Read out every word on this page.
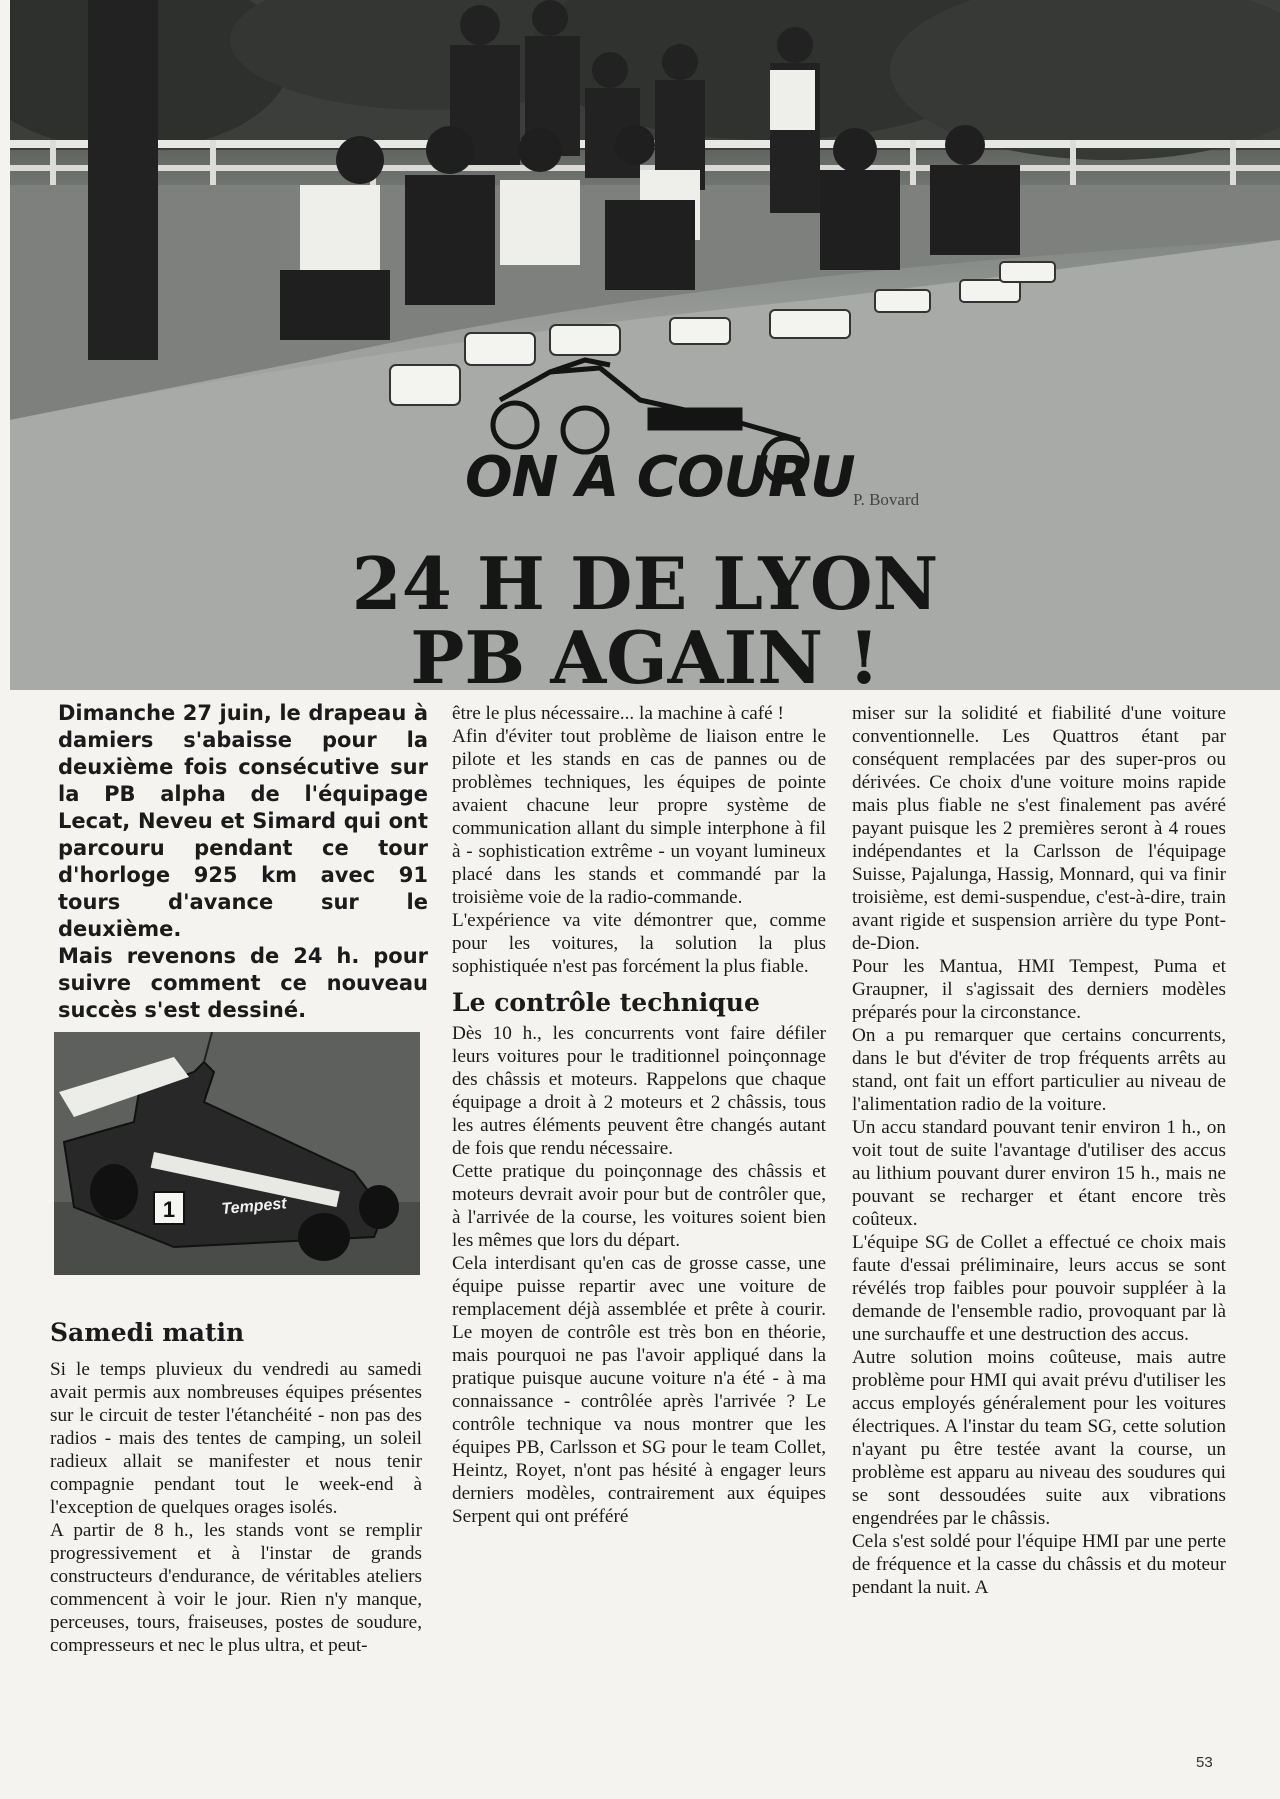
ON A COURU
P. Bovard
24 H DE LYON
PB AGAIN !

Dimanche 27 juin, le drapeau à damiers s'abaisse pour la deuxième fois consécutive sur la PB alpha de l'équipage Lecat, Neveu et Simard qui ont parcouru pendant ce tour d'horloge 925 km avec 91 tours d'avance sur le deuxième.

Mais revenons de 24 h. pour suivre comment ce nouveau succès s'est dessiné.

1	Tempest
Samedi matin

Si le temps pluvieux du vendredi au samedi avait permis aux nombreuses équipes présentes sur le circuit de tester l'étanchéité - non pas des radios - mais des tentes de camping, un soleil radieux allait se manifester et nous tenir compagnie pendant tout le week-end à l'exception de quelques orages isolés.

A partir de 8 h., les stands vont se remplir progressivement et à l'instar de grands constructeurs d'endurance, de véritables ateliers commencent à voir le jour. Rien n'y manque, perceuses, tours, fraiseuses, postes de soudure, compresseurs et nec le plus ultra, et peut-

être le plus nécessaire... la machine à café !

Afin d'éviter tout problème de liaison entre le pilote et les stands en cas de pannes ou de problèmes techniques, les équipes de pointe avaient chacune leur propre système de communication allant du simple interphone à fil à - sophistication extrême - un voyant lumineux placé dans les stands et commandé par la troisième voie de la radio-commande.

L'expérience va vite démontrer que, comme pour les voitures, la solution la plus sophistiquée n'est pas forcément la plus fiable.

Le contrôle technique

Dès 10 h., les concurrents vont faire défiler leurs voitures pour le traditionnel poinçonnage des châssis et moteurs. Rappelons que chaque équipage a droit à 2 moteurs et 2 châssis, tous les autres éléments peuvent être changés autant de fois que rendu nécessaire.

Cette pratique du poinçonnage des châssis et moteurs devrait avoir pour but de contrôler que, à l'arrivée de la course, les voitures soient bien les mêmes que lors du départ.

Cela interdisant qu'en cas de grosse casse, une équipe puisse repartir avec une voiture de remplacement déjà assemblée et prête à courir. Le moyen de contrôle est très bon en théorie, mais pourquoi ne pas l'avoir appliqué dans la pratique puisque aucune voiture n'a été - à ma connaissance - contrôlée après l'arrivée ? Le contrôle technique va nous montrer que les équipes PB, Carlsson et SG pour le team Collet, Heintz, Royet, n'ont pas hésité à engager leurs derniers modèles, contrairement aux équipes Serpent qui ont préféré

miser sur la solidité et fiabilité d'une voiture conventionnelle. Les Quattros étant par conséquent remplacées par des super-pros ou dérivées. Ce choix d'une voiture moins rapide mais plus fiable ne s'est finalement pas avéré payant puisque les 2 premières seront à 4 roues indépendantes et la Carlsson de l'équipage Suisse, Pajalunga, Hassig, Monnard, qui va finir troisième, est demi-suspendue, c'est-à-dire, train avant rigide et suspension arrière du type Pont-de-Dion.

Pour les Mantua, HMI Tempest, Puma et Graupner, il s'agissait des derniers modèles préparés pour la circonstance.

On a pu remarquer que certains concurrents, dans le but d'éviter de trop fréquents arrêts au stand, ont fait un effort particulier au niveau de l'alimentation radio de la voiture.

Un accu standard pouvant tenir environ 1 h., on voit tout de suite l'avantage d'utiliser des accus au lithium pouvant durer environ 15 h., mais ne pouvant se recharger et étant encore très coûteux.

L'équipe SG de Collet a effectué ce choix mais faute d'essai préliminaire, leurs accus se sont révélés trop faibles pour pouvoir suppléer à la demande de l'ensemble radio, provoquant par là une surchauffe et une destruction des accus.

Autre solution moins coûteuse, mais autre problème pour HMI qui avait prévu d'utiliser les accus employés généralement pour les voitures électriques. A l'instar du team SG, cette solution n'ayant pu être testée avant la course, un problème est apparu au niveau des soudures qui se sont dessoudées suite aux vibrations engendrées par le châssis.

Cela s'est soldé pour l'équipe HMI par une perte de fréquence et la casse du châssis et du moteur pendant la nuit. A

53
